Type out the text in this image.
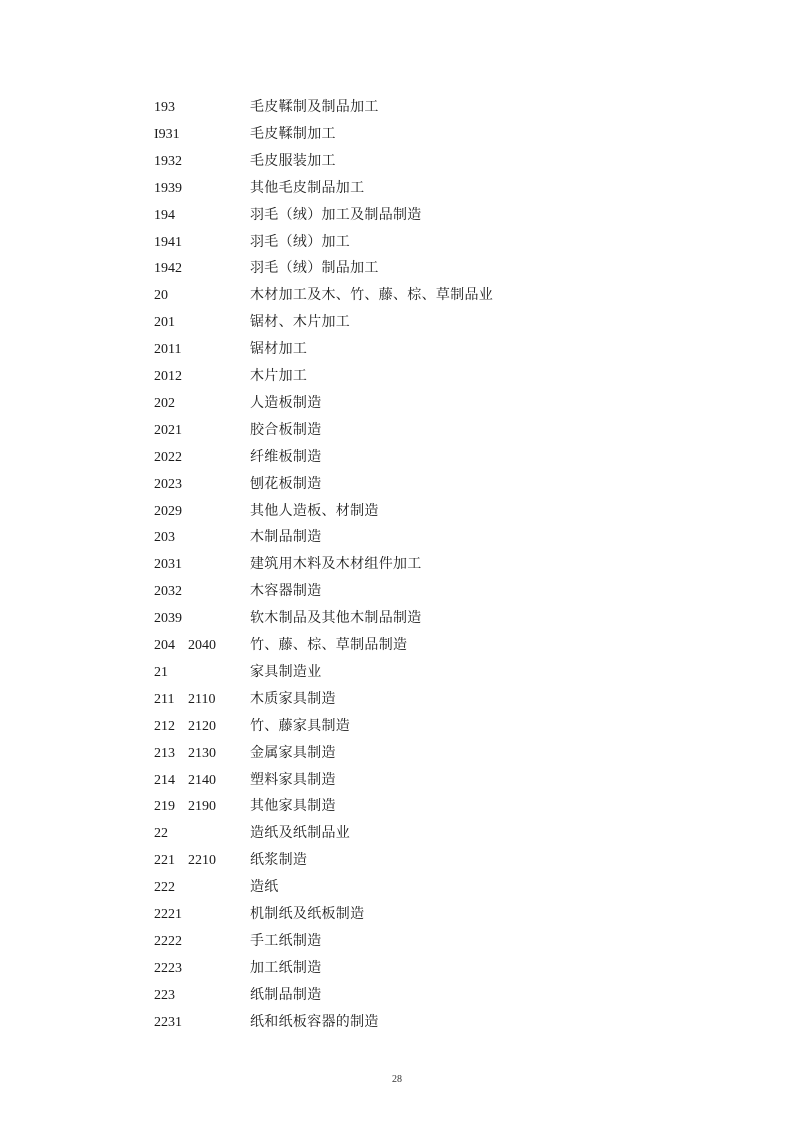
193	毛皮鞣制及制品加工
I931	毛皮鞣制加工
1932	毛皮服装加工
1939	其他毛皮制品加工
194	羽毛（绒）加工及制品制造
1941	羽毛（绒）加工
1942	羽毛（绒）制品加工
20	木材加工及木、竹、藤、棕、草制品业
201	锯材、木片加工
2011	锯材加工
2012	木片加工
202	人造板制造
2021	胶合板制造
2022	纤维板制造
2023	刨花板制造
2029	其他人造板、材制造
203	木制品制造
2031	建筑用木料及木材组件加工
2032	木容器制造
2039	软木制品及其他木制品制造
204 2040 竹、藤、棕、草制品制造
21	家具制造业
211 2110 木质家具制造
212 2120 竹、藤家具制造
213 2130 金属家具制造
214 2140 塑料家具制造
219 2190 其他家具制造
22	造纸及纸制品业
221 2210 纸浆制造
222	造纸
2221	机制纸及纸板制造
2222	手工纸制造
2223	加工纸制造
223	纸制品制造
2231	纸和纸板容器的制造
28
